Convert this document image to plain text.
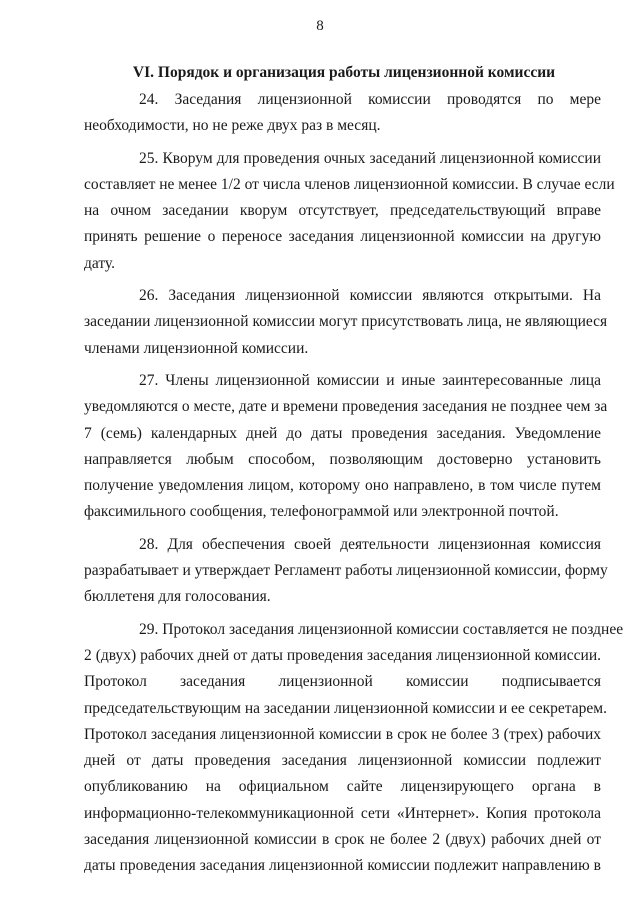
8
VI. Порядок и организация работы лицензионной комиссии
24. Заседания лицензионной комиссии проводятся по мере
необходимости, но не реже двух раз в месяц.
25. Кворум для проведения очных заседаний лицензионной комиссии
составляет не менее 1/2 от числа членов лицензионной комиссии. В случае если
на очном заседании кворум отсутствует, председательствующий вправе
принять решение о переносе заседания лицензионной комиссии на другую
дату.
26. Заседания лицензионной комиссии являются открытыми. На
заседании лицензионной комиссии могут присутствовать лица, не являющиеся
членами лицензионной комиссии.
27. Члены лицензионной комиссии и иные заинтересованные лица
уведомляются о месте, дате и времени проведения заседания не позднее чем за
7 (семь) календарных дней до даты проведения заседания. Уведомление
направляется любым способом, позволяющим достоверно установить
получение уведомления лицом, которому оно направлено, в том числе путем
факсимильного сообщения, телефонограммой или электронной почтой.
28. Для обеспечения своей деятельности лицензионная комиссия
разрабатывает и утверждает Регламент работы лицензионной комиссии, форму
бюллетеня для голосования.
29. Протокол заседания лицензионной комиссии составляется не позднее
2 (двух) рабочих дней от даты проведения заседания лицензионной комиссии.
Протокол заседания лицензионной комиссии подписывается
председательствующим на заседании лицензионной комиссии и ее секретарем.
Протокол заседания лицензионной комиссии в срок не более 3 (трех) рабочих
дней от даты проведения заседания лицензионной комиссии подлежит
опубликованию на официальном сайте лицензирующего органа в
информационно-телекоммуникационной сети «Интернет». Копия протокола
заседания лицензионной комиссии в срок не более 2 (двух) рабочих дней от
даты проведения заседания лицензионной комиссии подлежит направлению в
